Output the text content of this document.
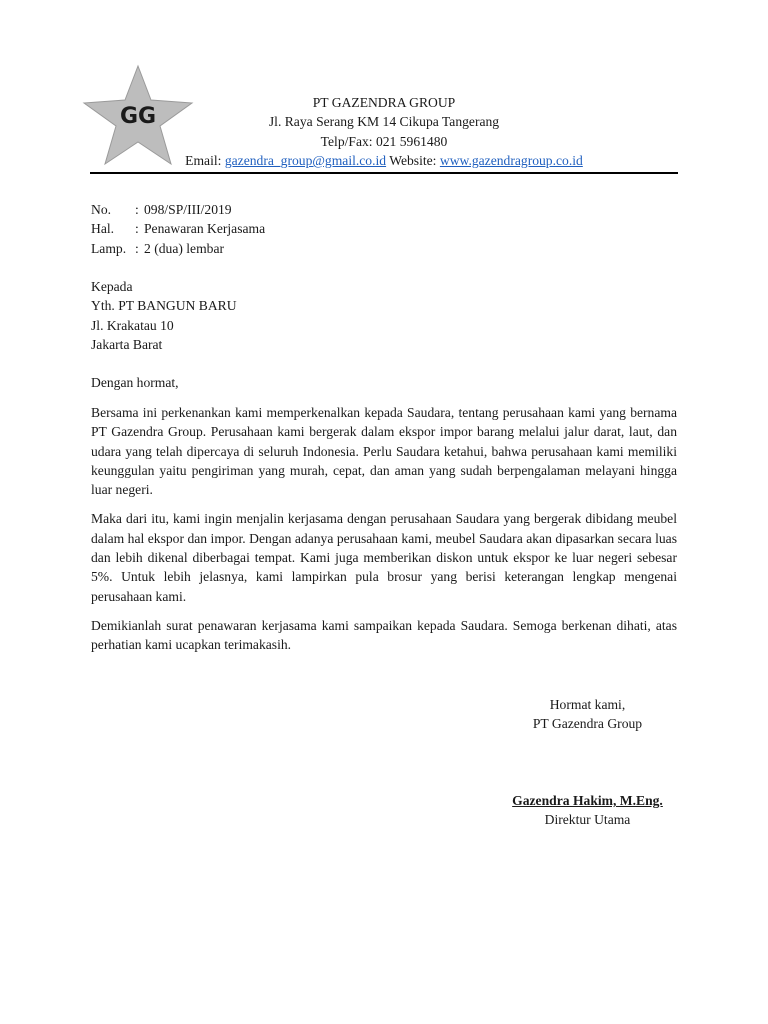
GG
PT GAZENDRA GROUP
Jl. Raya Serang KM 14 Cikupa Tangerang
Telp/Fax: 021 5961480
Email: gazendra_group@gmail.co.id Website: www.gazendragroup.co.id
No.	: 098/SP/III/2019
Hal.	: Penawaran Kerjasama
Lamp. : 2 (dua) lembar
Kepada
Yth. PT BANGUN BARU
Jl. Krakatau 10
Jakarta Barat
Dengan hormat,

Bersama ini perkenankan kami memperkenalkan kepada Saudara, tentang perusahaan kami yang bernama PT Gazendra Group. Perusahaan kami bergerak dalam ekspor impor barang melalui jalur darat, laut, dan udara yang telah dipercaya di seluruh Indonesia. Perlu Saudara ketahui, bahwa perusahaan kami memiliki keunggulan yaitu pengiriman yang murah, cepat, dan aman yang sudah berpengalaman melayani hingga luar negeri.

Maka dari itu, kami ingin menjalin kerjasama dengan perusahaan Saudara yang bergerak dibidang meubel dalam hal ekspor dan impor. Dengan adanya perusahaan kami, meubel Saudara akan dipasarkan secara luas dan lebih dikenal diberbagai tempat. Kami juga memberikan diskon untuk ekspor ke luar negeri sebesar 5%. Untuk lebih jelasnya, kami lampirkan pula brosur yang berisi keterangan lengkap mengenai perusahaan kami.

Demikianlah surat penawaran kerjasama kami sampaikan kepada Saudara. Semoga berkenan dihati, atas perhatian kami ucapkan terimakasih.

Hormat kami,
PT Gazendra Group
Gazendra Hakim, M.Eng.
Direktur Utama
